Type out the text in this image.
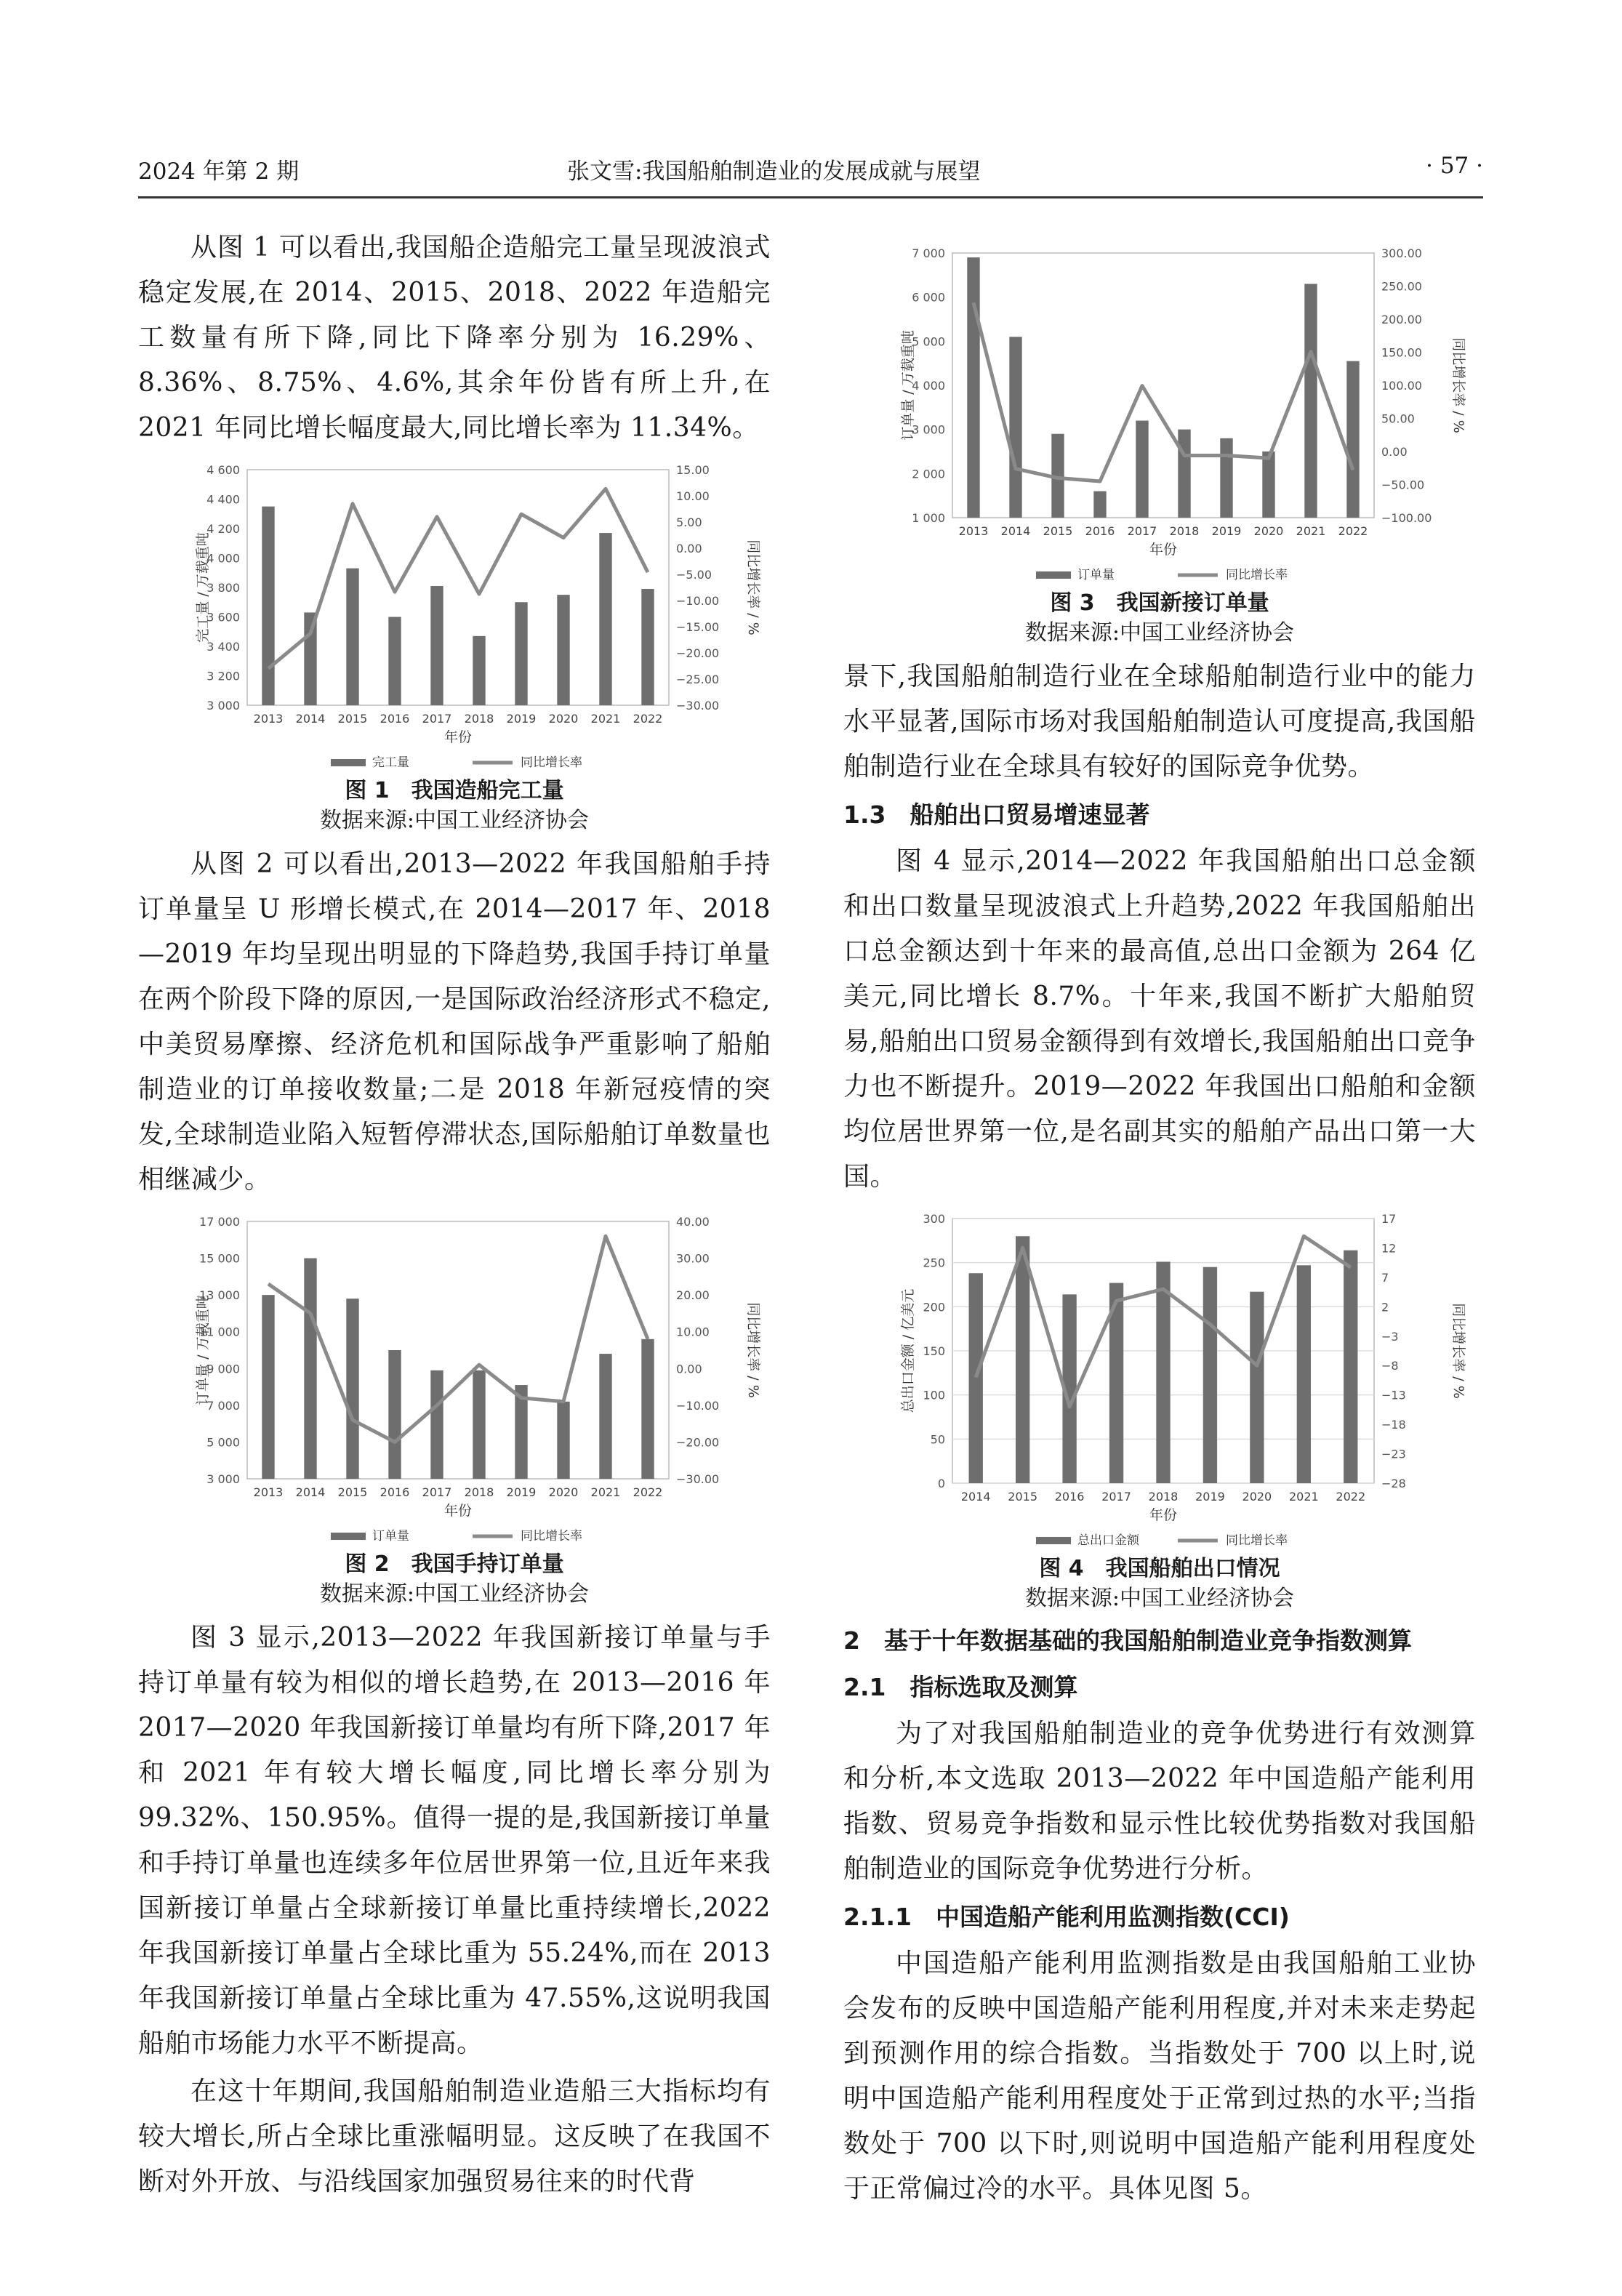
2024 年第 2 期	张文雪:我国船舶制造业的发展成就与展望	· 57 ·

从图 1 可以看出,我国船企造船完工量呈现波浪式稳定发展,在 2014、2015、2018、2022 年造船完工数量有所下降,同比下降率分别为 16.29%、8.36%、8.75%、4.6%,其余年份皆有所上升,在 2021 年同比增长幅度最大,同比增长率为 11.34%。

3 000
3 200
3 400
3 600
3 800
4 000
4 200
4 400
4 600
−30.00
−25.00
−20.00
−15.00
−10.00
−5.00
0.00
5.00
10.00
15.00
2013 2014 2015 2016 2017 2018 2019 2020 2021 2022
完工量 / 万载重吨	同比增长率 / %
年份
完工量	同比增长率
图 1　我国造船完工量
数据来源:中国工业经济协会

从图 2 可以看出,2013—2022 年我国船舶手持订单量呈 U 形增长模式,在 2014—2017 年、2018—2019 年均呈现出明显的下降趋势,我国手持订单量在两个阶段下降的原因,一是国际政治经济形式不稳定,中美贸易摩擦、经济危机和国际战争严重影响了船舶制造业的订单接收数量;二是 2018 年新冠疫情的突发,全球制造业陷入短暂停滞状态,国际船舶订单数量也相继减少。

3 000
5 000
7 000
9 000
11 000
13 000
15 000
17 000
−30.00
−20.00
−10.00
0.00
10.00
20.00
30.00
40.00
2013 2014 2015 2016 2017 2018 2019 2020 2021 2022
订单量 / 万载重吨	同比增长率 / %
年份
订单量	同比增长率
图 2　我国手持订单量
数据来源:中国工业经济协会

图 3 显示,2013—2022 年我国新接订单量与手持订单量有较为相似的增长趋势,在 2013—2016 年 2017—2020 年我国新接订单量均有所下降,2017 年和 2021 年有较大增长幅度,同比增长率分别为 99.32%、150.95%。值得一提的是,我国新接订单量和手持订单量也连续多年位居世界第一位,且近年来我国新接订单量占全球新接订单量比重持续增长,2022 年我国新接订单量占全球比重为 55.24%,而在 2013 年我国新接订单量占全球比重为 47.55%,这说明我国船舶市场能力水平不断提高。

在这十年期间,我国船舶制造业造船三大指标均有较大增长,所占全球比重涨幅明显。这反映了在我国不断对外开放、与沿线国家加强贸易往来的时代背

1 000
2 000
3 000
4 000
5 000
6 000
7 000
−100.00
−50.00
0.00
50.00
100.00
150.00
200.00
250.00
300.00
2013 2014 2015 2016 2017 2018 2019 2020 2021 2022
订单量 / 万载重吨	同比增长率 / %
年份
订单量	同比增长率
图 3　我国新接订单量
数据来源:中国工业经济协会

景下,我国船舶制造行业在全球船舶制造行业中的能力水平显著,国际市场对我国船舶制造认可度提高,我国船舶制造行业在全球具有较好的国际竞争优势。

1.3　船舶出口贸易增速显著

图 4 显示,2014—2022 年我国船舶出口总金额和出口数量呈现波浪式上升趋势,2022 年我国船舶出口总金额达到十年来的最高值,总出口金额为 264 亿美元,同比增长 8.7%。十年来,我国不断扩大船舶贸易,船舶出口贸易金额得到有效增长,我国船舶出口竞争力也不断提升。2019—2022 年我国出口船舶和金额均位居世界第一位,是名副其实的船舶产品出口第一大国。

0
50
100
150
200
250
300
−28
−23
−18
−13
−8
−3
2
7
12
17
2014 2015 2016 2017 2018 2019 2020 2021 2022
总出口金额 / 亿美元	同比增长率 / %
年份
总出口金额	同比增长率
图 4　我国船舶出口情况
数据来源:中国工业经济协会
2　基于十年数据基础的我国船舶制造业竞争指数测算
2.1　指标选取及测算

为了对我国船舶制造业的竞争优势进行有效测算和分析,本文选取 2013—2022 年中国造船产能利用指数、贸易竞争指数和显示性比较优势指数对我国船舶制造业的国际竞争优势进行分析。

2.1.1　中国造船产能利用监测指数(CCI)

中国造船产能利用监测指数是由我国船舶工业协会发布的反映中国造船产能利用程度,并对未来走势起到预测作用的综合指数。当指数处于 700 以上时,说明中国造船产能利用程度处于正常到过热的水平;当指数处于 700 以下时,则说明中国造船产能利用程度处于正常偏过冷的水平。具体见图 5。
